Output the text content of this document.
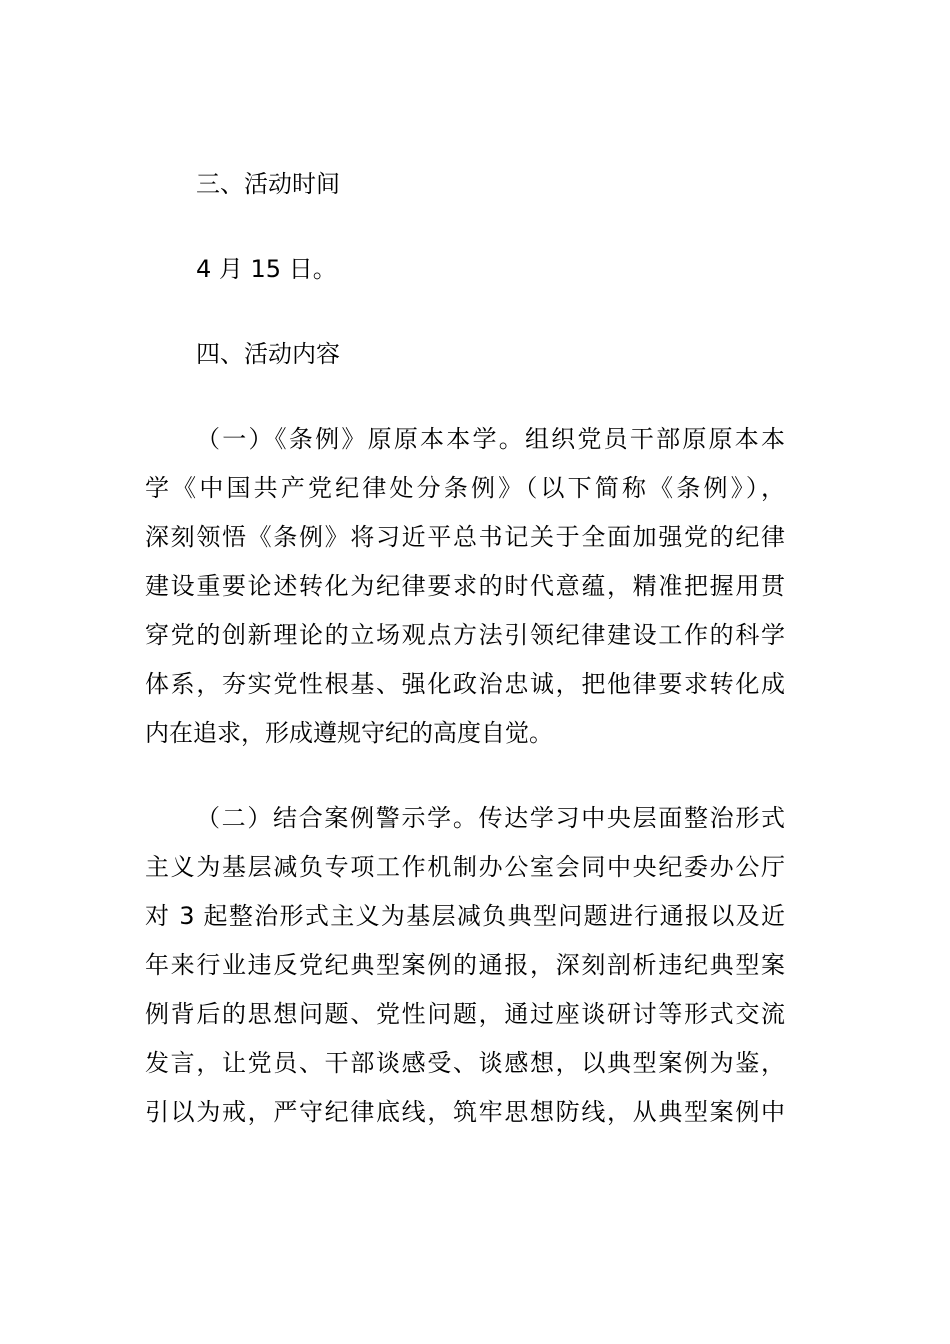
三、活动时间

4 月 15 日。

四、活动内容

（一）《条例》原原本本学。组织党员干部原原本本
学《中国共产党纪律处分条例》（以下简称《条例》），
深刻领悟《条例》将习近平总书记关于全面加强党的纪律
建设重要论述转化为纪律要求的时代意蕴，精准把握用贯
穿党的创新理论的立场观点方法引领纪律建设工作的科学
体系，夯实党性根基、强化政治忠诚，把他律要求转化成
内在追求，形成遵规守纪的高度自觉。
（二）结合案例警示学。传达学习中央层面整治形式
主义为基层减负专项工作机制办公室会同中央纪委办公厅
对 3 起整治形式主义为基层减负典型问题进行通报以及近
年来行业违反党纪典型案例的通报，深刻剖析违纪典型案
例背后的思想问题、党性问题，通过座谈研讨等形式交流
发言，让党员、干部谈感受、谈感想，以典型案例为鉴，
引以为戒，严守纪律底线，筑牢思想防线，从典型案例中
